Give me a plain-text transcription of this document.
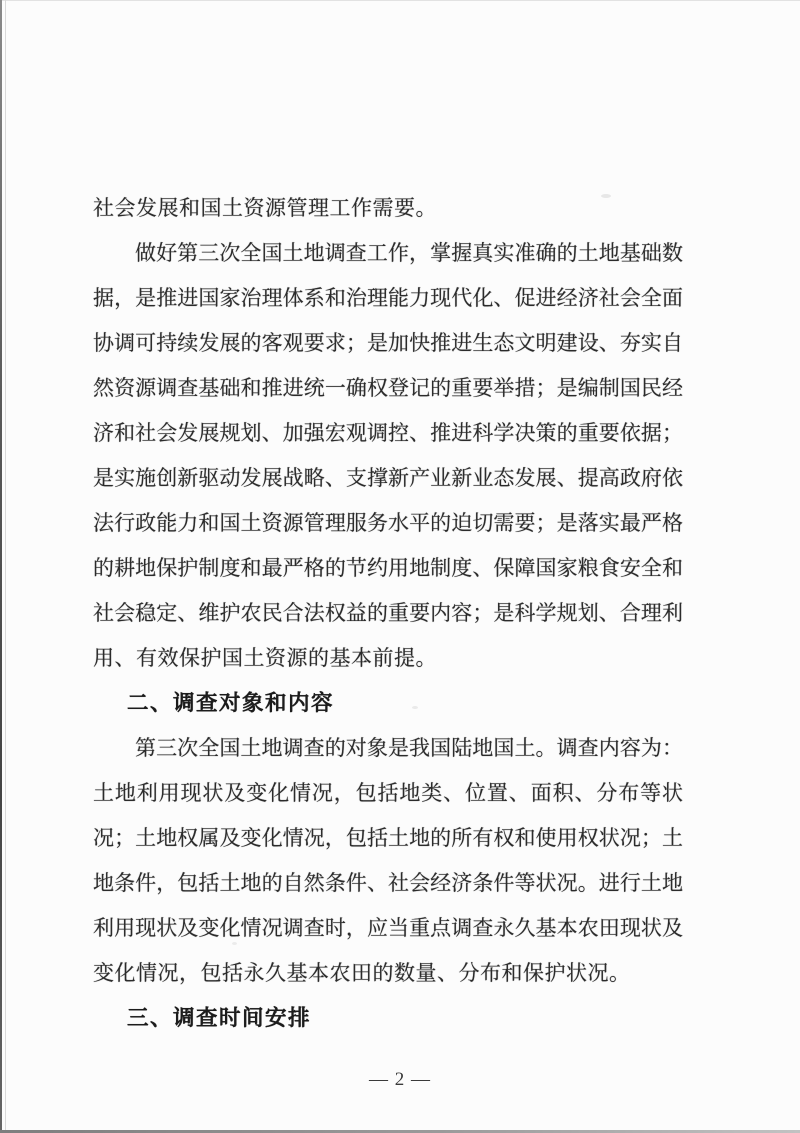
社会发展和国土资源管理工作需要。
做好第三次全国土地调查工作，掌握真实准确的土地基础数
据，是推进国家治理体系和治理能力现代化、促进经济社会全面
协调可持续发展的客观要求；是加快推进生态文明建设、夯实自
然资源调查基础和推进统一确权登记的重要举措；是编制国民经
济和社会发展规划、加强宏观调控、推进科学决策的重要依据；
是实施创新驱动发展战略、支撑新产业新业态发展、提高政府依
法行政能力和国土资源管理服务水平的迫切需要；是落实最严格
的耕地保护制度和最严格的节约用地制度、保障国家粮食安全和
社会稳定、维护农民合法权益的重要内容；是科学规划、合理利
用、有效保护国土资源的基本前提。
二、调查对象和内容
第三次全国土地调查的对象是我国陆地国土。调查内容为：
土地利用现状及变化情况，包括地类、位置、面积、分布等状
况；土地权属及变化情况，包括土地的所有权和使用权状况；土
地条件，包括土地的自然条件、社会经济条件等状况。进行土地
利用现状及变化情况调查时，应当重点调查永久基本农田现状及
变化情况，包括永久基本农田的数量、分布和保护状况。
三、调查时间安排
— 2 —
